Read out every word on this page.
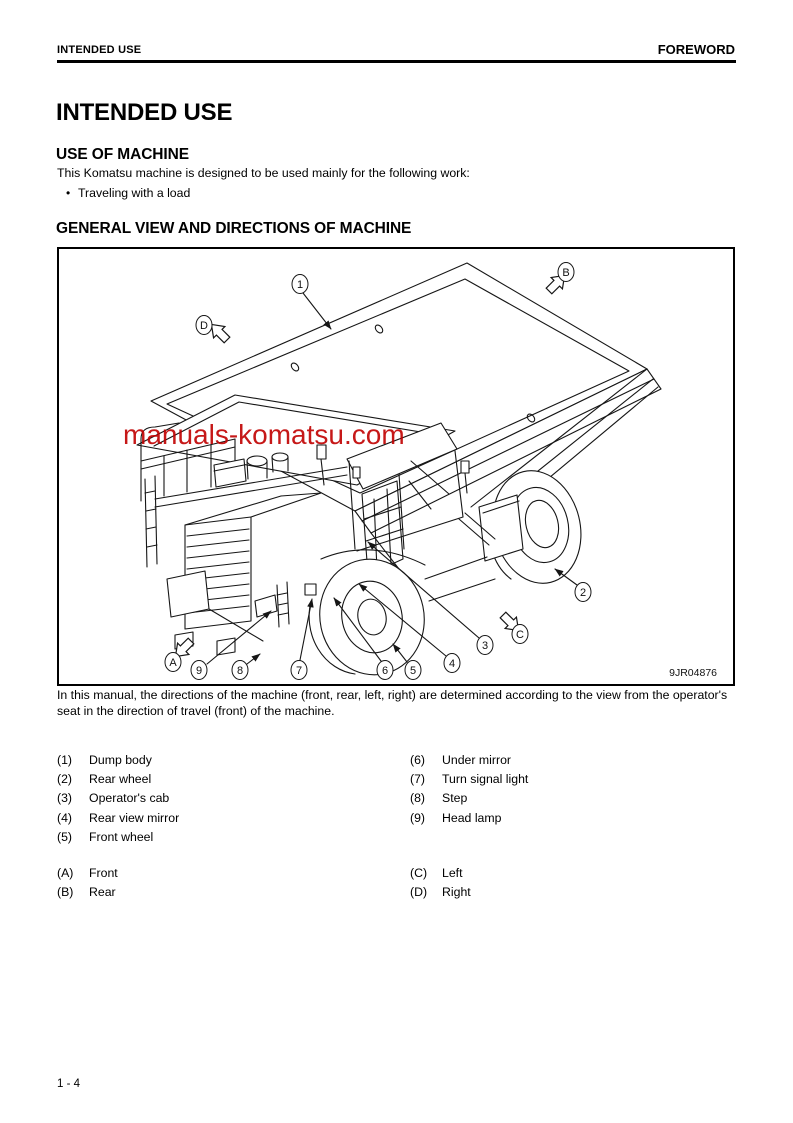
INTENDED USE	FOREWORD
INTENDED USE
USE OF MACHINE
This Komatsu machine is designed to be used mainly for the following work:
• Traveling with a load
GENERAL VIEW AND DIRECTIONS OF MACHINE
1
2
3
4
5
6
7
8
9
A
B
C
D
manuals-komatsu.com
9JR04876
In this manual, the directions of the machine (front, rear, left, right) are determined according to the view from the operator's seat in the direction of travel (front) of the machine.
(1)	Dump body
(2)	Rear wheel
(3)	Operator's cab
(4)	Rear view mirror
(5)	Front wheel
(6)	Under mirror
(7)	Turn signal light
(8)	Step
(9)	Head lamp
(A)	Front
(B)	Rear
(C)	Left
(D)	Right
1 - 4
